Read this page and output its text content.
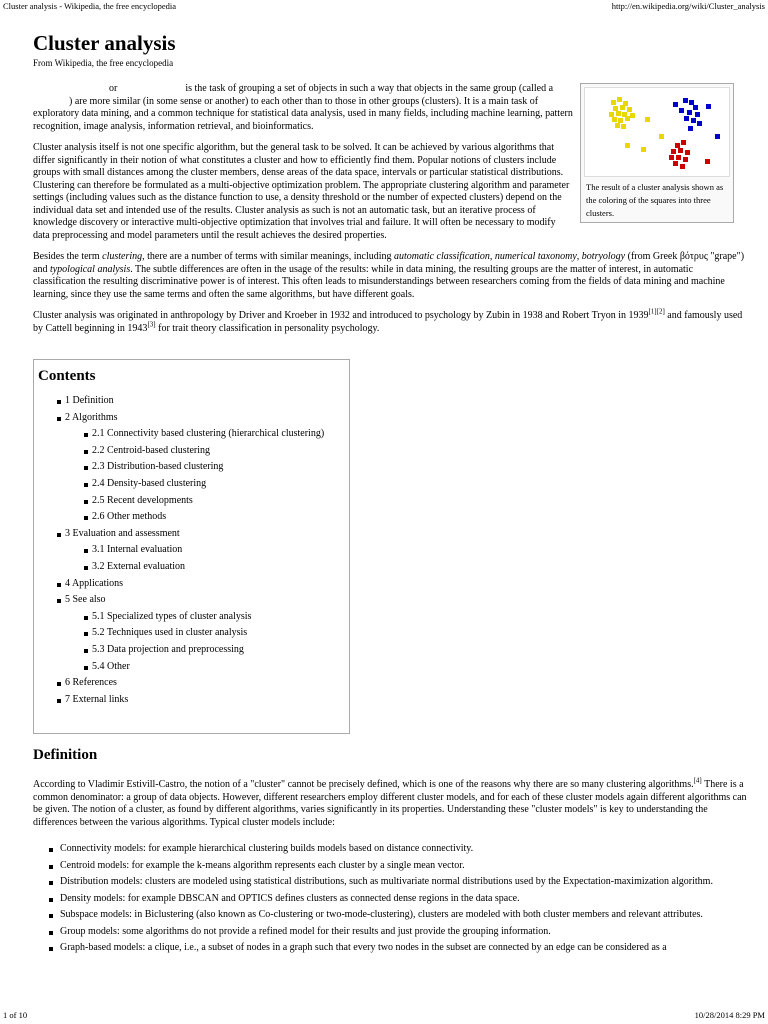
Cluster analysis - Wikipedia, the free encyclopedia	http://en.wikipedia.org/wiki/Cluster_analysis
Cluster analysis
From Wikipedia, the free encyclopedia

or	is the task of grouping a set of objects in such a way that objects in the same group (called a) are more similar (in some sense or another) to each other than to those in other groups (clusters). It is a main task of exploratory data mining, and a common technique for statistical data analysis, used in many fields, including machine learning, pattern recognition, image analysis, information retrieval, and bioinformatics.

Cluster analysis itself is not one specific algorithm, but the general task to be solved. It can be achieved by various algorithms that differ significantly in their notion of what constitutes a cluster and how to efficiently find them. Popular notions of clusters include groups with small distances among the cluster members, dense areas of the data space, intervals or particular statistical distributions. Clustering can therefore be formulated as a multi-objective optimization problem. The appropriate clustering algorithm and parameter settings (including values such as the distance function to use, a density threshold or the number of expected clusters) depend on the individual data set and intended use of the results. Cluster analysis as such is not an automatic task, but an iterative process of knowledge discovery or interactive multi-objective optimization that involves trial and failure. It will often be necessary to modify data preprocessing and model parameters until the result achieves the desired properties.

Besides the term clustering, there are a number of terms with similar meanings, including automatic classification, numerical taxonomy, botryology (from Greek βότρυς "grape") and typological analysis. The subtle differences are often in the usage of the results: while in data mining, the resulting groups are the matter of interest, in automatic classification the resulting discriminative power is of interest. This often leads to misunderstandings between researchers coming from the fields of data mining and machine learning, since they use the same terms and often the same algorithms, but have different goals.

Cluster analysis was originated in anthropology by Driver and Kroeber in 1932 and introduced to psychology by Zubin in 1938 and Robert Tryon in 1939[1][2] and famously used by Cattell beginning in 1943[3] for trait theory classification in personality psychology.

The result of a cluster analysis shown as the coloring of the squares into three clusters.
Contents
1 Definition
2 Algorithms
2.1 Connectivity based clustering (hierarchical clustering)
2.2 Centroid-based clustering
2.3 Distribution-based clustering
2.4 Density-based clustering
2.5 Recent developments
2.6 Other methods
3 Evaluation and assessment
3.1 Internal evaluation
3.2 External evaluation
4 Applications
5 See also
5.1 Specialized types of cluster analysis
5.2 Techniques used in cluster analysis
5.3 Data projection and preprocessing
5.4 Other
6 References
7 External links
Definition

According to Vladimir Estivill-Castro, the notion of a "cluster" cannot be precisely defined, which is one of the reasons why there are so many clustering algorithms.[4] There is a common denominator: a group of data objects. However, different researchers employ different cluster models, and for each of these cluster models again different algorithms can be given. The notion of a cluster, as found by different algorithms, varies significantly in its properties. Understanding these "cluster models" is key to understanding the differences between the various algorithms. Typical cluster models include:

Connectivity models: for example hierarchical clustering builds models based on distance connectivity.
Centroid models: for example the k-means algorithm represents each cluster by a single mean vector.
Distribution models: clusters are modeled using statistical distributions, such as multivariate normal distributions used by the Expectation-maximization algorithm.
Density models: for example DBSCAN and OPTICS defines clusters as connected dense regions in the data space.
Subspace models: in Biclustering (also known as Co-clustering or two-mode-clustering), clusters are modeled with both cluster members and relevant attributes.
Group models: some algorithms do not provide a refined model for their results and just provide the grouping information.
Graph-based models: a clique, i.e., a subset of nodes in a graph such that every two nodes in the subset are connected by an edge can be considered as a
1 of 10	10/28/2014 8:29 PM
